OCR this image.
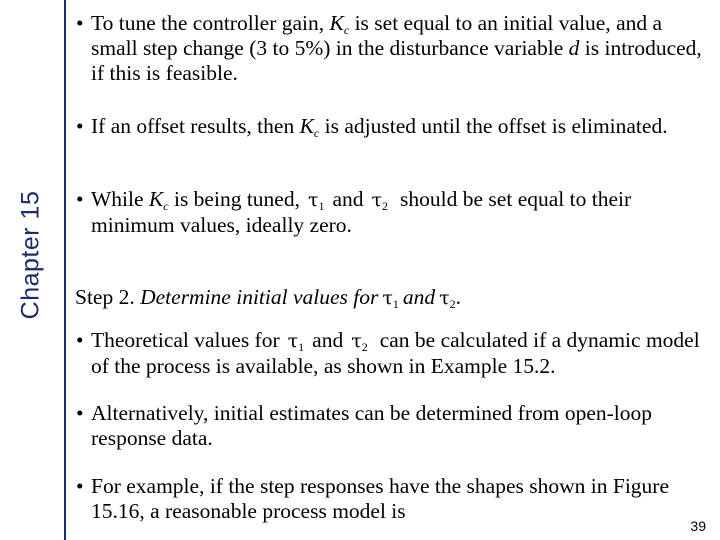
Chapter 15
• To tune the controller gain, $K_c$ is set equal to an initial value, and a small step change (3 to 5%) in the disturbance variable d is introduced, if this is feasible.
• If an offset results, then $K_c$ is adjusted until the offset is eliminated.
• While $K_c$ is being tuned, $\tau_1$ and $\tau_2$ should be set equal to their minimum values, ideally zero.
Step 2. Determine initial values for $\tau_1$ and $\tau_2$.
• Theoretical values for $\tau_1$ and $\tau_2$ can be calculated if a dynamic model of the process is available, as shown in Example 15.2.
• Alternatively, initial estimates can be determined from open-loop response data.
• For example, if the step responses have the shapes shown in Figure 15.16, a reasonable process model is
39
